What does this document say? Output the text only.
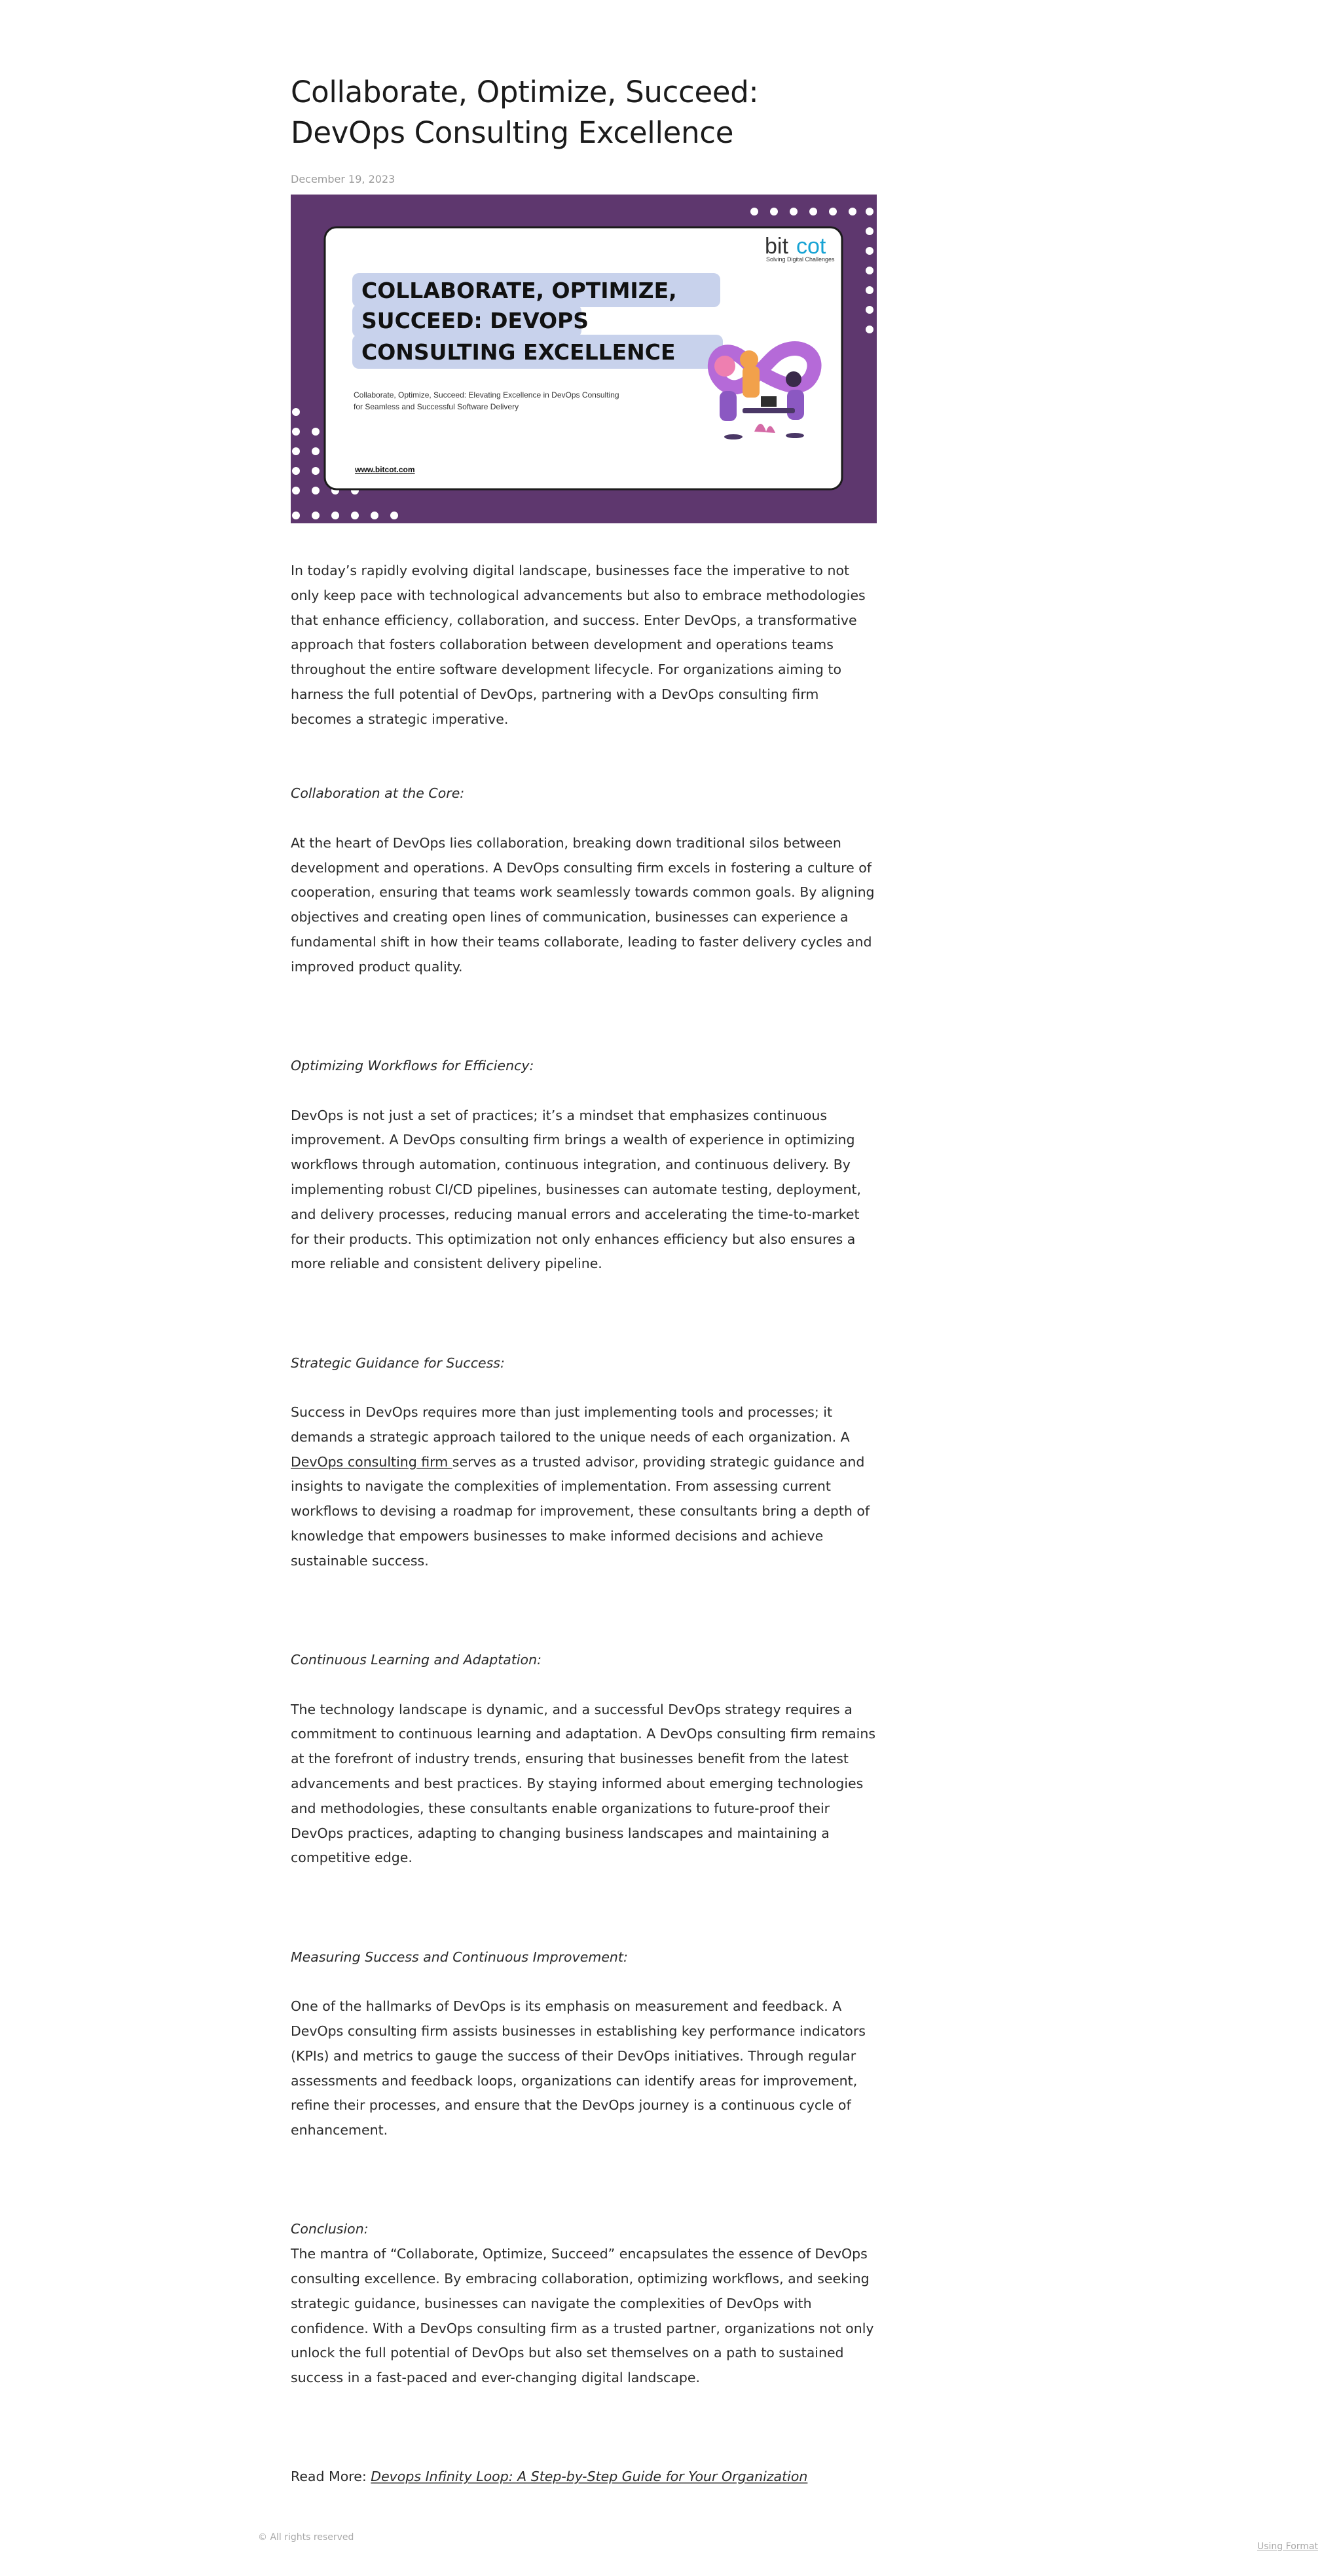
Collaborate, Optimize, Succeed: DevOps Consulting Excellence
December 19, 2023
bit cot
Solving Digital Challenges
COLLABORATE, OPTIMIZE,
SUCCEED: DEVOPS
CONSULTING EXCELLENCE
Collaborate, Optimize, Succeed: Elevating Excellence in DevOps Consulting
for Seamless and Successful Software Delivery
www.bitcot.com

In today’s rapidly evolving digital landscape, businesses face the imperative to not only keep pace with technological advancements but also to embrace methodologies that enhance efficiency, collaboration, and success. Enter DevOps, a transformative approach that fosters collaboration between development and operations teams throughout the entire software development lifecycle. For organizations aiming to harness the full potential of DevOps, partnering with a DevOps consulting firm becomes a strategic imperative.

Collaboration at the Core:

At the heart of DevOps lies collaboration, breaking down traditional silos between development and operations. A DevOps consulting firm excels in fostering a culture of cooperation, ensuring that teams work seamlessly towards common goals. By aligning objectives and creating open lines of communication, businesses can experience a fundamental shift in how their teams collaborate, leading to faster delivery cycles and improved product quality.

Optimizing Workflows for Efficiency:

DevOps is not just a set of practices; it’s a mindset that emphasizes continuous improvement. A DevOps consulting firm brings a wealth of experience in optimizing workflows through automation, continuous integration, and continuous delivery. By implementing robust CI/CD pipelines, businesses can automate testing, deployment, and delivery processes, reducing manual errors and accelerating the time-to-market for their products. This optimization not only enhances efficiency but also ensures a more reliable and consistent delivery pipeline.

Strategic Guidance for Success:

Success in DevOps requires more than just implementing tools and processes; it demands a strategic approach tailored to the unique needs of each organization. A DevOps consulting firm serves as a trusted advisor, providing strategic guidance and insights to navigate the complexities of implementation. From assessing current workflows to devising a roadmap for improvement, these consultants bring a depth of knowledge that empowers businesses to make informed decisions and achieve sustainable success.

Continuous Learning and Adaptation:

The technology landscape is dynamic, and a successful DevOps strategy requires a commitment to continuous learning and adaptation. A DevOps consulting firm remains at the forefront of industry trends, ensuring that businesses benefit from the latest advancements and best practices. By staying informed about emerging technologies and methodologies, these consultants enable organizations to future-proof their DevOps practices, adapting to changing business landscapes and maintaining a competitive edge.

Measuring Success and Continuous Improvement:

One of the hallmarks of DevOps is its emphasis on measurement and feedback. A DevOps consulting firm assists businesses in establishing key performance indicators (KPIs) and metrics to gauge the success of their DevOps initiatives. Through regular assessments and feedback loops, organizations can identify areas for improvement, refine their processes, and ensure that the DevOps journey is a continuous cycle of enhancement.

Conclusion:

The mantra of “Collaborate, Optimize, Succeed” encapsulates the essence of DevOps consulting excellence. By embracing collaboration, optimizing workflows, and seeking strategic guidance, businesses can navigate the complexities of DevOps with confidence. With a DevOps consulting firm as a trusted partner, organizations not only unlock the full potential of DevOps but also set themselves on a path to sustained success in a fast-paced and ever-changing digital landscape.

Read More: Devops Infinity Loop: A Step-by-Step Guide for Your Organization

© All rights reserved
Using Format
